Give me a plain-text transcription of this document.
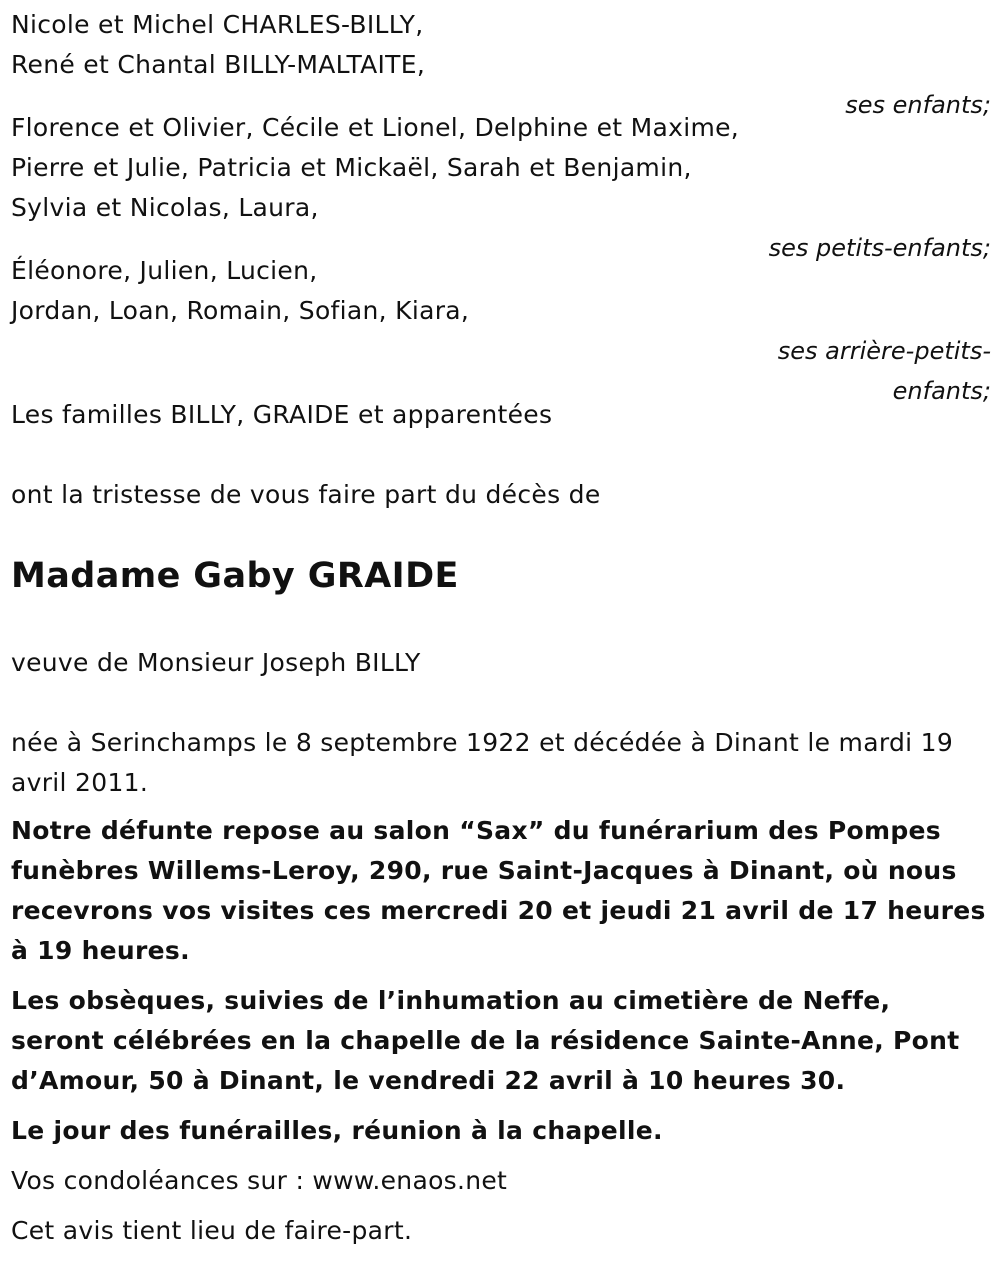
Nicole et Michel CHARLES-BILLY,
René et Chantal BILLY-MALTAITE,
ses enfants;
Florence et Olivier, Cécile et Lionel, Delphine et Maxime,
Pierre et Julie, Patricia et Mickaël, Sarah et Benjamin,
Sylvia et Nicolas, Laura,
ses petits-enfants;
Éléonore, Julien, Lucien,
Jordan, Loan, Romain, Sofian, Kiara,
ses arrière-petits-
enfants;
Les familles BILLY, GRAIDE et apparentées
ont la tristesse de vous faire part du décès de
Madame Gaby GRAIDE
veuve de Monsieur Joseph BILLY
née à Serinchamps le 8 septembre 1922 et décédée à Dinant le mardi 19 avril 2011.
Notre défunte repose au salon “Sax” du funérarium des Pompes funèbres Willems-Leroy, 290, rue Saint-Jacques à Dinant, où nous recevrons vos visites ces mercredi 20 et jeudi 21 avril de 17 heures à 19 heures.
Les obsèques, suivies de l’inhumation au cimetière de Neffe, seront célébrées en la chapelle de la résidence Sainte-Anne, Pont d’Amour, 50 à Dinant, le vendredi 22 avril à 10 heures 30.
Le jour des funérailles, réunion à la chapelle.
Vos condoléances sur : www.enaos.net
Cet avis tient lieu de faire-part.
